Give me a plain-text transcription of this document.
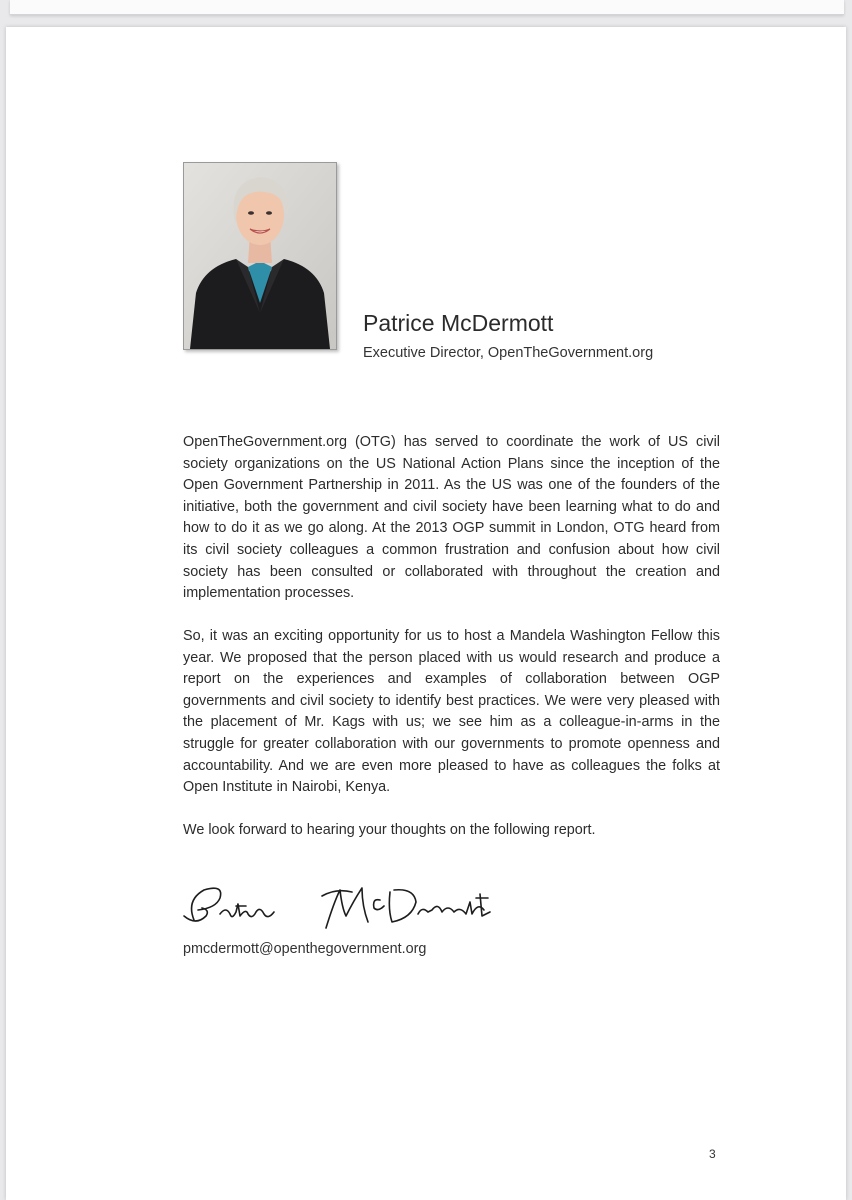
Patrice McDermott
Executive Director, OpenTheGovernment.org

OpenTheGovernment.org (OTG) has served to coordinate the work of US civil society organizations on the US National Action Plans since the inception of the Open Government Partnership in 2011. As the US was one of the founders of the initiative, both the government and civil society have been learning what to do and how to do it as we go along. At the 2013 OGP summit in London, OTG heard from its civil society colleagues a common frustration and confusion about how civil society has been consulted or collaborated with throughout the creation and implementation processes.

So, it was an exciting opportunity for us to host a Mandela Washington Fellow this year. We proposed that the person placed with us would research and produce a report on the experiences and examples of collaboration between OGP governments and civil society to identify best practices. We were very pleased with the placement of Mr. Kags with us; we see him as a colleague-in-arms in the struggle for greater collaboration with our governments to promote openness and accountability. And we are even more pleased to have as colleagues the folks at Open Institute in Nairobi, Kenya.

We look forward to hearing your thoughts on the following report.

pmcdermott@openthegovernment.org
3
